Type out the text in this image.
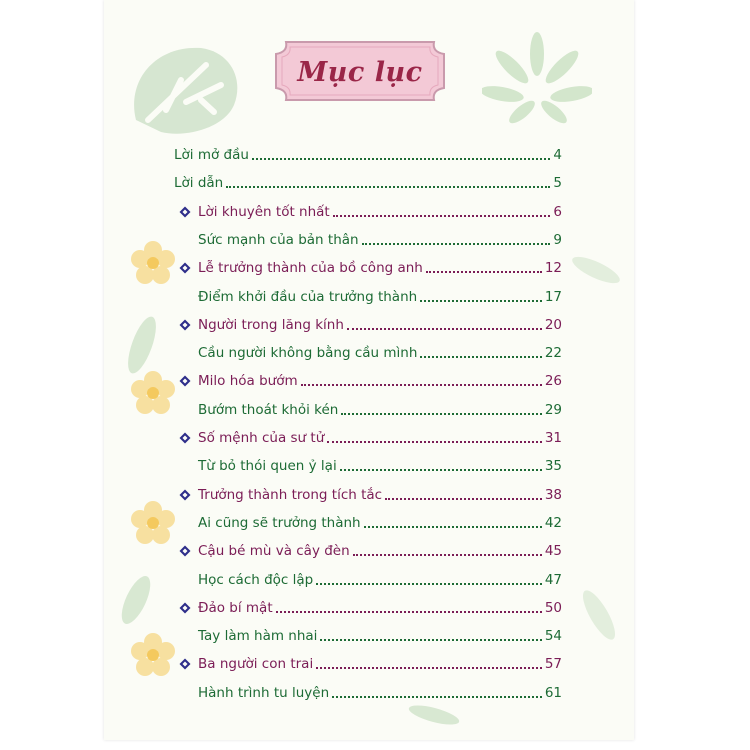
Mục lục
Lời mở đầu	4
Lời dẫn	5
Lời khuyên tốt nhất	6
Sức mạnh của bản thân	9
Lễ trưởng thành của bồ công anh	12
Điểm khởi đầu của trưởng thành	17
Người trong lăng kính	20
Cầu người không bằng cầu mình	22
Milo hóa bướm	26
Bướm thoát khỏi kén	29
Số mệnh của sư tử	31
Từ bỏ thói quen ỷ lại	35
Trưởng thành trong tích tắc	38
Ai cũng sẽ trưởng thành	42
Cậu bé mù và cây đèn	45
Học cách độc lập	47
Đảo bí mật	50
Tay làm hàm nhai	54
Ba người con trai	57
Hành trình tu luyện	61
